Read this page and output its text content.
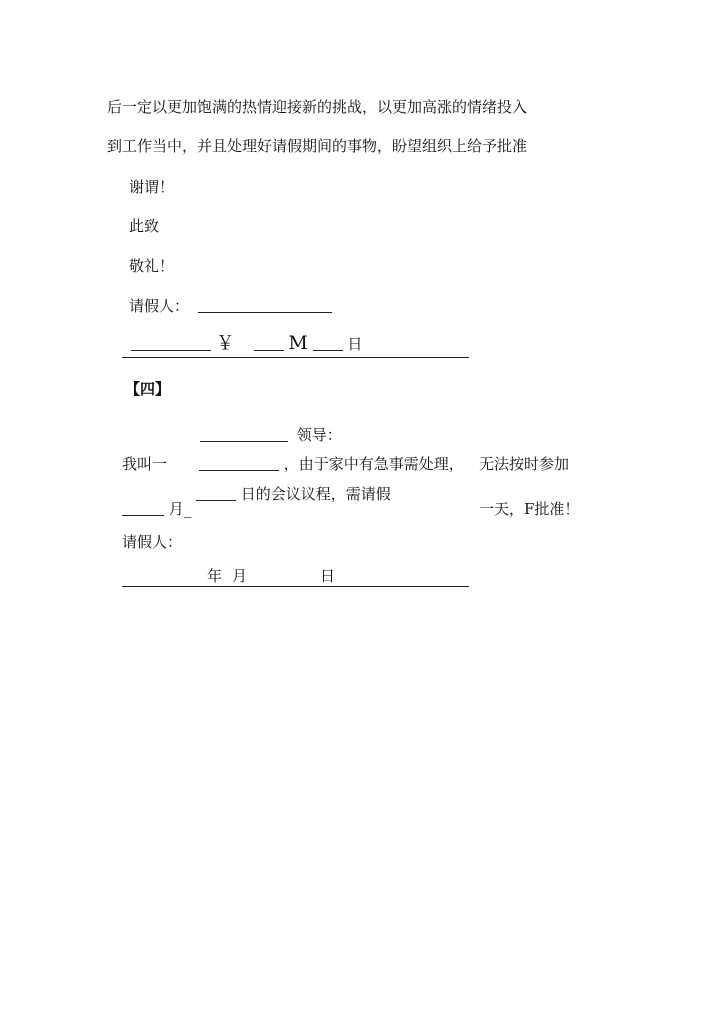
后一定以更加饱满的热情迎接新的挑战，以更加高涨的情绪投入
到工作当中，并且处理好请假期间的事物，盼望组织上给予批准
谢谓！
此致
敬礼！
请假人：
￥	M	日
【四】
领导：
我叫一	，由于家中有急事需处理， 无法按时参加
日的会议议程，需请假
月_	一天，F批准！
请假人：
年 月	日
